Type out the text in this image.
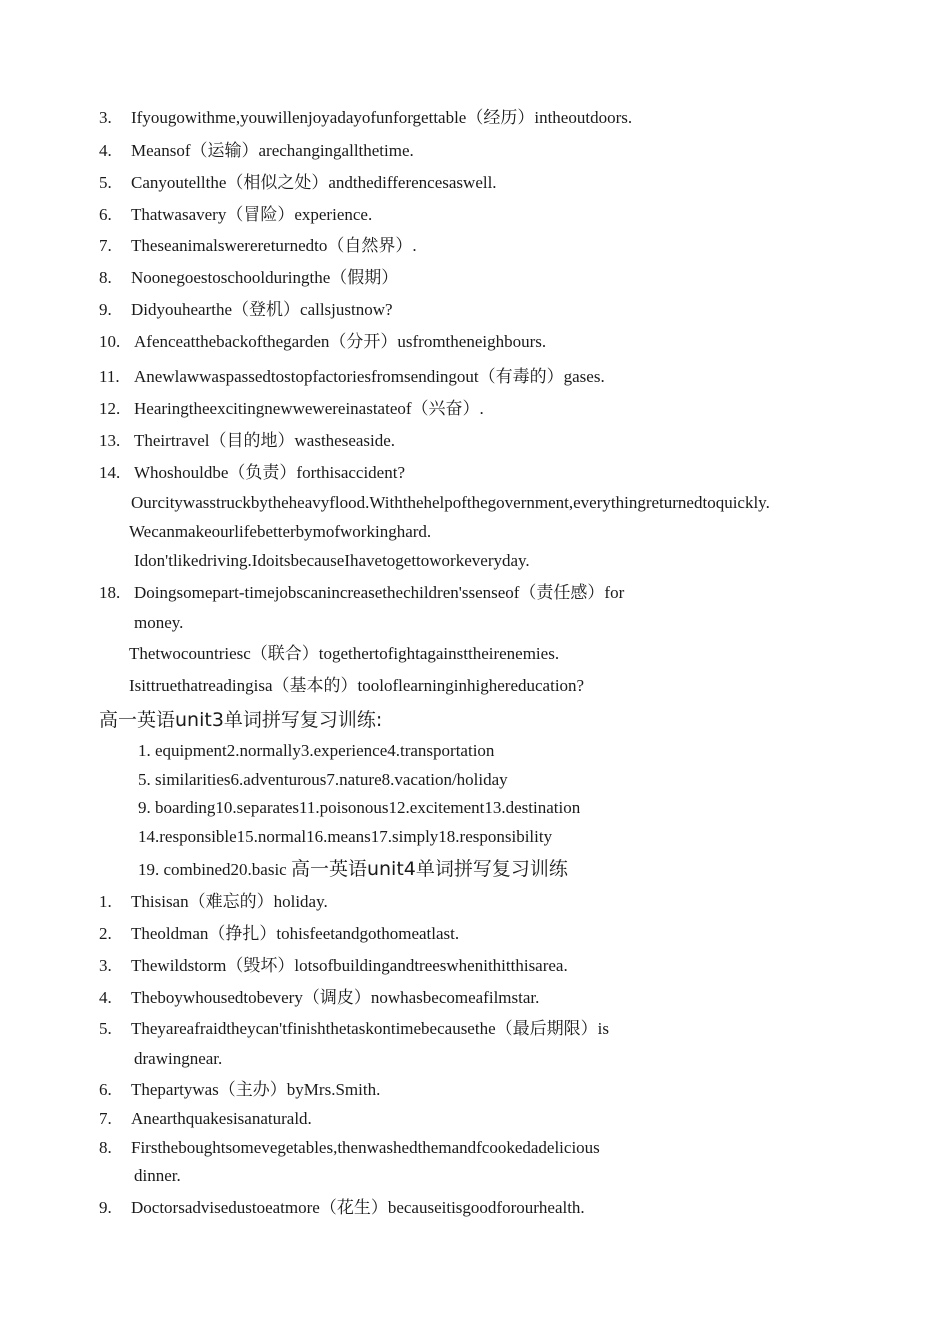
3. Ifyougowithme,youwillenjoyadayofunforgettable（经历）intheoutdoors.
4. Meansof（运输）arechangingallthetime.
5. Canyoutellthe（相似之处）andthedifferencesaswell.
6. Thatwasavery（冒险）experience.
7. Theseanimalswerereturnedto（自然界）.
8. Noonegoestoschoolduringthe（假期）
9. Didyouhearthe（登机）callsjustnow?
10. Afenceatthebackofthegarden（分开）usfromtheneighbours.
11. Anewlawwaspassedtostopfactoriesfromsendingout（有毒的）gases.
12. Hearingtheexcitingnewwewereinastateof（兴奋）.
13. Theirtravel（目的地）wastheseaside.
14. Whoshouldbe（负责）forthisaccident?
Ourcitywasstruckbytheheavyflood.Withthehelpofthegovernment,everythingreturnedtoquickly.
Wecanmakeourlifebetterbymofworkinghard.
Idon'tlikedriving.IdoitsbecauseIhavetogettoworkeveryday.
18. Doingsomepart-timejobscanincreasethechildren'ssenseof（责任感）for
money.
Thetwocountriesc（联合）togethertofightagainsttheirenemies.
Isittruethatreadingisa（基本的）tooloflearninginhighereducation?
高一英语unit3单词拼写复习训练:
1. equipment2.normally3.experience4.transportation
5. similarities6.adventurous7.nature8.vacation/holiday
9. boarding10.separates11.poisonous12.excitement13.destination
14.responsible15.normal16.means17.simply18.responsibility
19. combined20.basic 高一英语unit4单词拼写复习训练
1. Thisisan（难忘的）holiday.
2. Theoldman（挣扎）tohisfeetandgothomeatlast.
3. Thewildstorm（毁坏）lotsofbuildingandtreeswhenithitthisarea.
4. Theboywhousedtobevery（调皮）nowhasbecomeafilmstar.
5. Theyareafraidtheycan'tfinishthetaskontimebecausethe（最后期限）is
drawingnear.
6. Thepartywas（主办）byMrs.Smith.
7. Anearthquakesisanaturald.
8. Firstheboughtsomevegetables,thenwashedthemandfcookedadelicious
dinner.
9. Doctorsadvisedustoeatmore（花生）becauseitisgoodforourhealth.
